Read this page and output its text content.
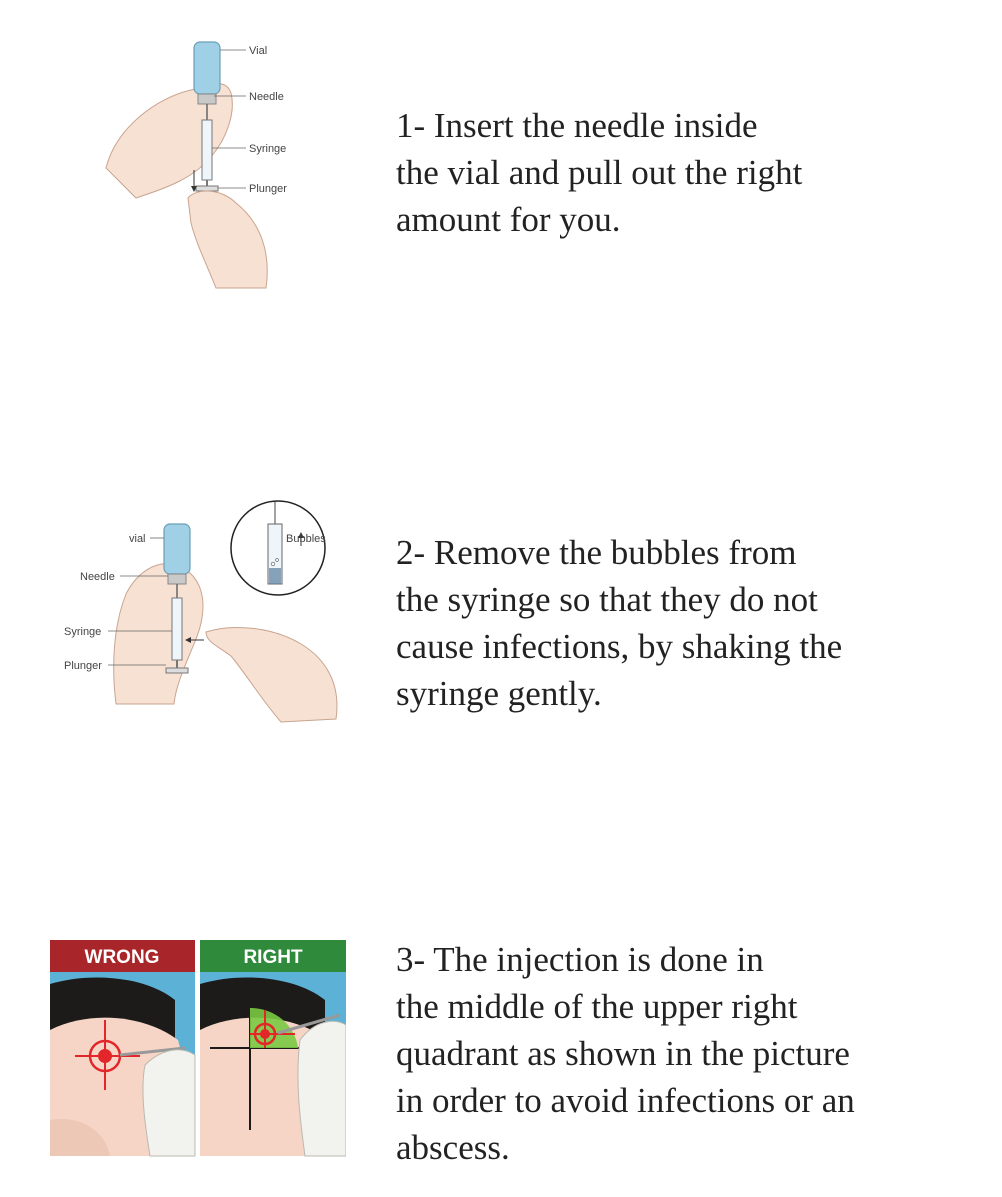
Vial
Needle
Syringe
Plunger
1- Insert the needle inside
the vial and pull out the right
amount for you.
Bubbles
vial
Needle
Syringe
Plunger
2- Remove the bubbles from
the syringe so that they do not
cause infections, by shaking the
syringe gently.
WRONG	RIGHT	3- The injection is done in
the middle of the upper right
quadrant as shown in the picture
in order to avoid infections or an
abscess.
